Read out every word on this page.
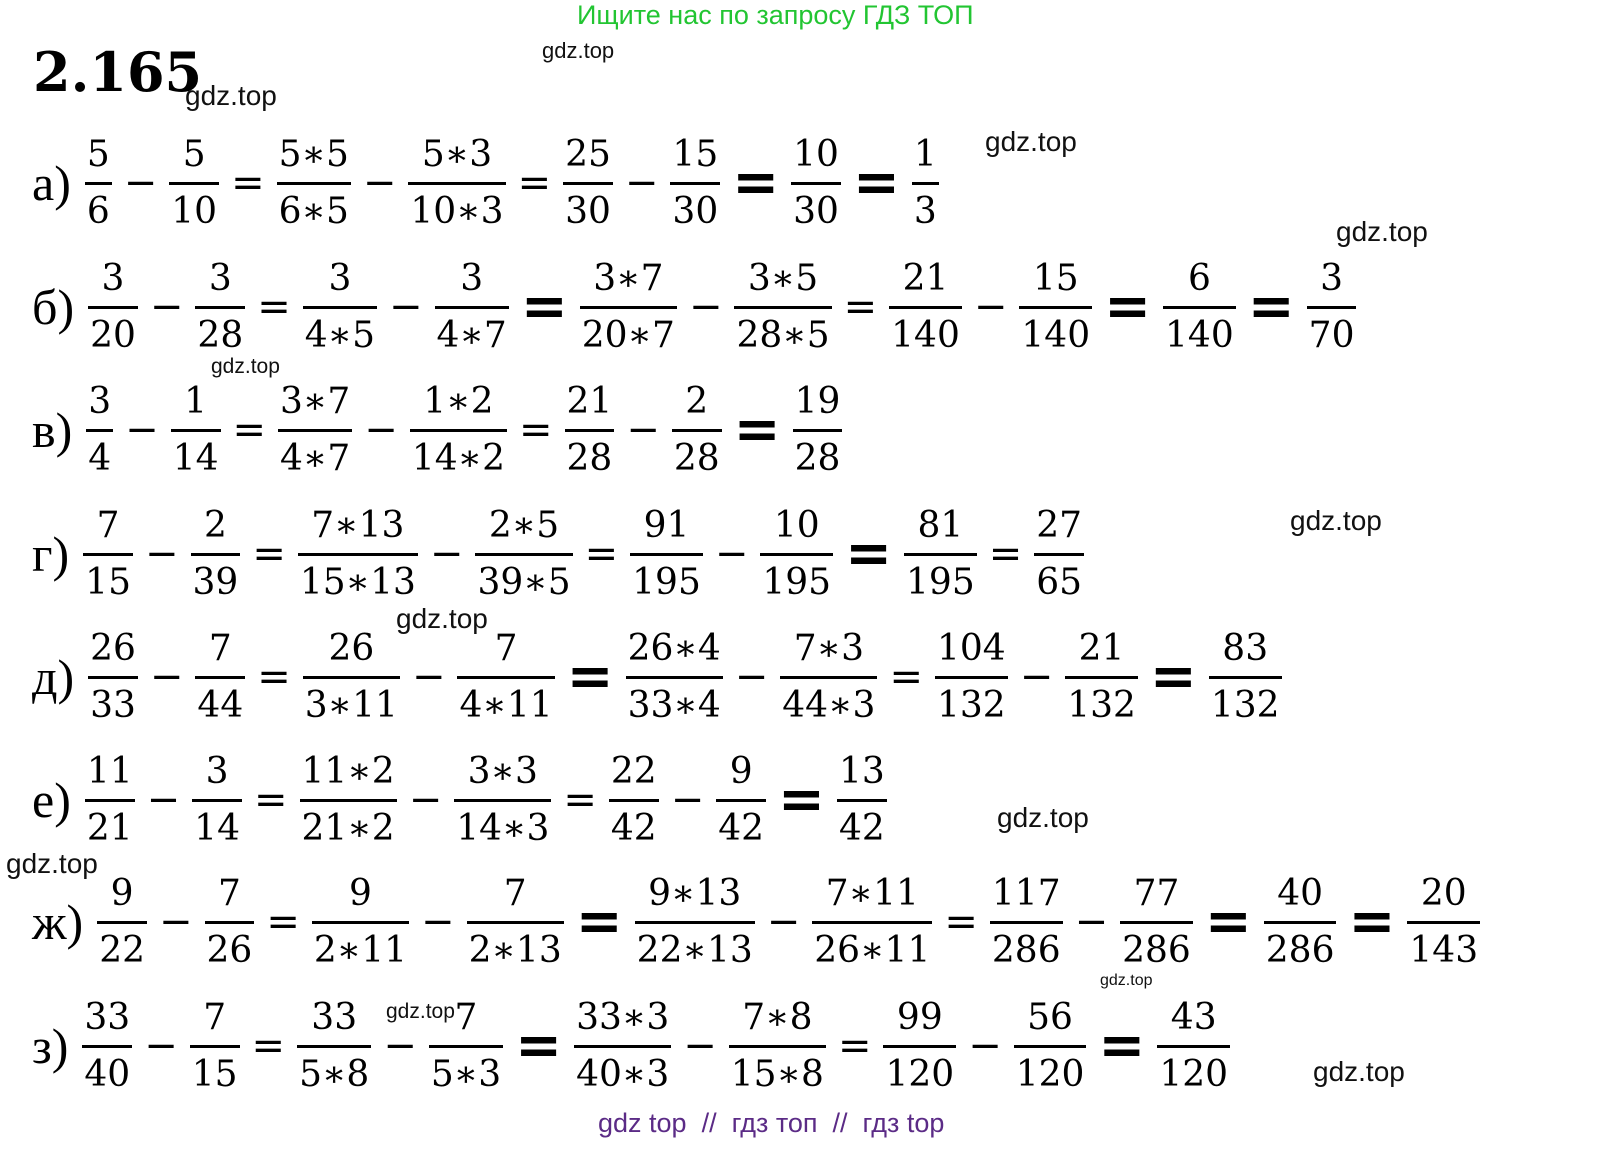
Ищите нас по запросу ГДЗ ТОП
2.165	gdz.top
gdz.top
gdz.top
gdz.top
gdz.top
gdz.top
gdz.top
gdz.top
gdz.top
gdz.top
gdz.top
gdz.top
$а) \frac{5}{6} - \frac{5}{10} = \frac{5∗5}{6∗5} - \frac{5∗3}{10∗3} = \frac{25}{30} - \frac{15}{30} = \frac{10}{30} = \frac{1}{3}$
$б) \frac{3}{20} - \frac{3}{28} = \frac{3}{4∗5} - \frac{3}{4∗7} = \frac{3∗7}{20∗7} - \frac{3∗5}{28∗5} = \frac{21}{140} - \frac{15}{140} = \frac{6}{140} = \frac{3}{70}$
$в) \frac{3}{4} - \frac{1}{14} = \frac{3∗7}{4∗7} - \frac{1∗2}{14∗2} = \frac{21}{28} - \frac{2}{28} = \frac{19}{28}$
$г) \frac{7}{15} - \frac{2}{39} = \frac{7∗13}{15∗13} - \frac{2∗5}{39∗5} = \frac{91}{195} - \frac{10}{195} = \frac{81}{195} = \frac{27}{65}$
$д) \frac{26}{33} - \frac{7}{44} = \frac{26}{3∗11} - \frac{7}{4∗11} = \frac{26∗4}{33∗4} - \frac{7∗3}{44∗3} = \frac{104}{132} - \frac{21}{132} = \frac{83}{132}$
$е) \frac{11}{21} - \frac{3}{14} = \frac{11∗2}{21∗2} - \frac{3∗3}{14∗3} = \frac{22}{42} - \frac{9}{42} = \frac{13}{42}$
$ж) \frac{9}{22} - \frac{7}{26} = \frac{9}{2∗11} - \frac{7}{2∗13} = \frac{9∗13}{22∗13} - \frac{7∗11}{26∗11} = \frac{117}{286} - \frac{77}{286} = \frac{40}{286} = \frac{20}{143}$
$з) \frac{33}{40} - \frac{7}{15} = \frac{33}{5∗8} - \frac{7}{5∗3} = \frac{33∗3}{40∗3} - \frac{7∗8}{15∗8} = \frac{99}{120} - \frac{56}{120} = \frac{43}{120}$
gdz top  //  гдз топ  //  гдз top
